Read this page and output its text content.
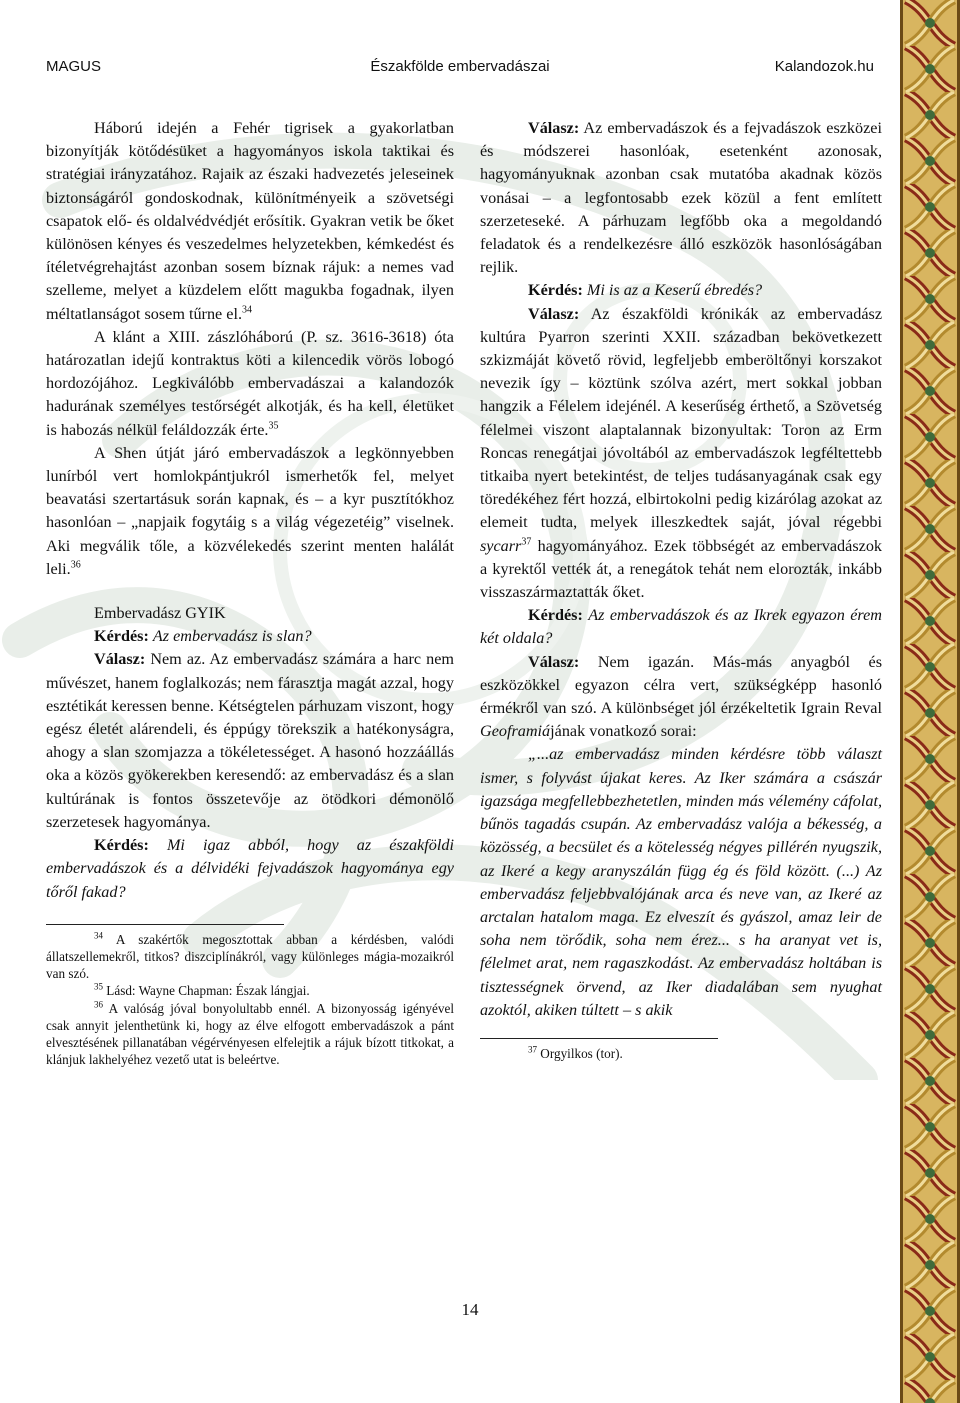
MAGUS	Északfölde embervadászai	Kalandozok.hu

Háború idején a Fehér tigrisek a gyakorlatban bizonyítják kötődésüket a hagyományos iskola taktikai és stratégiai irányzatához. Rajaik az északi hadvezetés jeleseinek biztonságáról gondoskodnak, különítményeik a szövetségi csapatok elő- és oldalvédvédjét erősítik. Gyakran vetik be őket különösen kényes és veszedelmes helyzetekben, kémkedést és ítéletvégrehajtást azonban sosem bíznak rájuk: a nemes vad szelleme, melyet a küzdelem előtt magukba fogadnak, ilyen méltatlanságot sosem tűrne el.$^{34}$

A klánt a XIII. zászlóháború (P. sz. 3616-3618) óta határozatlan idejű kontraktus köti a kilencedik vörös lobogó hordozójához. Legkiválóbb embervadászai a kalandozók hadurának személyes testőrségét alkotják, és ha kell, életüket is habozás nélkül feláldozzák érte.$^{35}$

A Shen útját járó embervadászok a legkönnyebben lunírból vert homlokpántjukról ismerhetők fel, melyet beavatási szertartásuk során kapnak, és – a kyr pusztítókhoz hasonlóan – „napjaik fogytáig s a világ végezetéig” viselnek. Aki megválik tőle, a közvélekedés szerint menten halálát leli.$^{36}$

Embervadász GYIK

Kérdés: Az embervadász is slan?

Válasz: Nem az. Az embervadász számára a harc nem művészet, hanem foglalkozás; nem fárasztja magát azzal, hogy esztétikát keressen benne. Kétségtelen párhuzam viszont, hogy egész életét alárendeli, és éppúgy törekszik a hatékonyságra, ahogy a slan szomjazza a tökéletességet. A hasonó hozzáállás oka a közös gyökerekben keresendő: az embervadász és a slan kultúrának is fontos összetevője az ötödkori démonölő szerzetesek hagyománya.

Kérdés: Mi igaz abból, hogy az északföldi embervadászok és a délvidéki fejvadászok hagyománya egy tőről fakad?

$^{34}$ A szakértők megosztottak abban a kérdésben, valódi állatszellemekről, titkos? diszciplínákról, vagy különleges mágia-mozaikról van szó.

$^{35}$ Lásd: Wayne Chapman: Észak lángjai.

$^{36}$ A valóság jóval bonyolultabb ennél. A bizonyosság igényével csak annyit jelenthetünk ki, hogy az élve elfogott embervadászok a pánt elvesztésének pillanatában végérvényesen elfelejtik a rájuk bízott titkokat, a klánjuk lakhelyéhez vezető utat is beleértve.

Válasz: Az embervadászok és a fejvadászok eszközei és módszerei hasonlóak, esetenként azonosak, hagyományuknak azonban csak mutatóba akadnak közös vonásai – a legfontosabb ezek közül a fent említett szerzeteseké. A párhuzam legfőbb oka a megoldandó feladatok és a rendelkezésre álló eszközök hasonlóságában rejlik.

Kérdés: Mi is az a Keserű ébredés?

Válasz: Az északföldi krónikák az embervadász kultúra Pyarron szerinti XXII. században bekövetkezett szkizmáját követő rövid, legfeljebb emberöltőnyi korszakot nevezik így – köztünk szólva azért, mert sokkal jobban hangzik a Félelem idejénél. A keserűség érthető, a Szövetség félelmei viszont alaptalannak bizonyultak: Toron az Erm Roncas renegátjai jóvoltából az embervadászok legféltettebb titkaiba nyert betekintést, de teljes tudásanyagának csak egy töredékéhez fért hozzá, elbirtokolni pedig kizárólag azokat az elemeit tudta, melyek illeszkedtek saját, jóval régebbi sycarr$^{37}$ hagyományához. Ezek többségét az embervadászok a kyrektől vették át, a renegátok tehát nem elorozták, inkább visszaszármaztatták őket.

Kérdés: Az embervadászok és az Ikrek egyazon érem két oldala?

Válasz: Nem igazán. Más-más anyagból és eszközökkel egyazon célra vert, szükségképp hasonló érmékről van szó. A különbséget jól érzékeltetik Igrain Reval Geoframiájának vonatkozó sorai:

„...az embervadász minden kérdésre több választ ismer, s folyvást újakat keres. Az Iker számára a császár igazsága megfellebbezhetetlen, minden más vélemény cáfolat, bűnös tagadás csupán. Az embervadász valója a békesség, a közösség, a becsület és a kötelesség négyes pillérén nyugszik, az Ikeré a kegy aranyszálán függ ég és föld között. (...) Az embervadász feljebbvalójának arca és neve van, az Ikeré az arctalan hatalom maga. Ez elveszít és gyászol, amaz leir de soha nem törődik, soha nem érez... s ha aranyat vet is, félelmet arat, nem ragaszkodást. Az embervadász holtában is tisztességnek örvend, az Iker diadalában sem nyughat azoktól, akiken túltett – s akik

$^{37}$ Orgyilkos (tor).

14
